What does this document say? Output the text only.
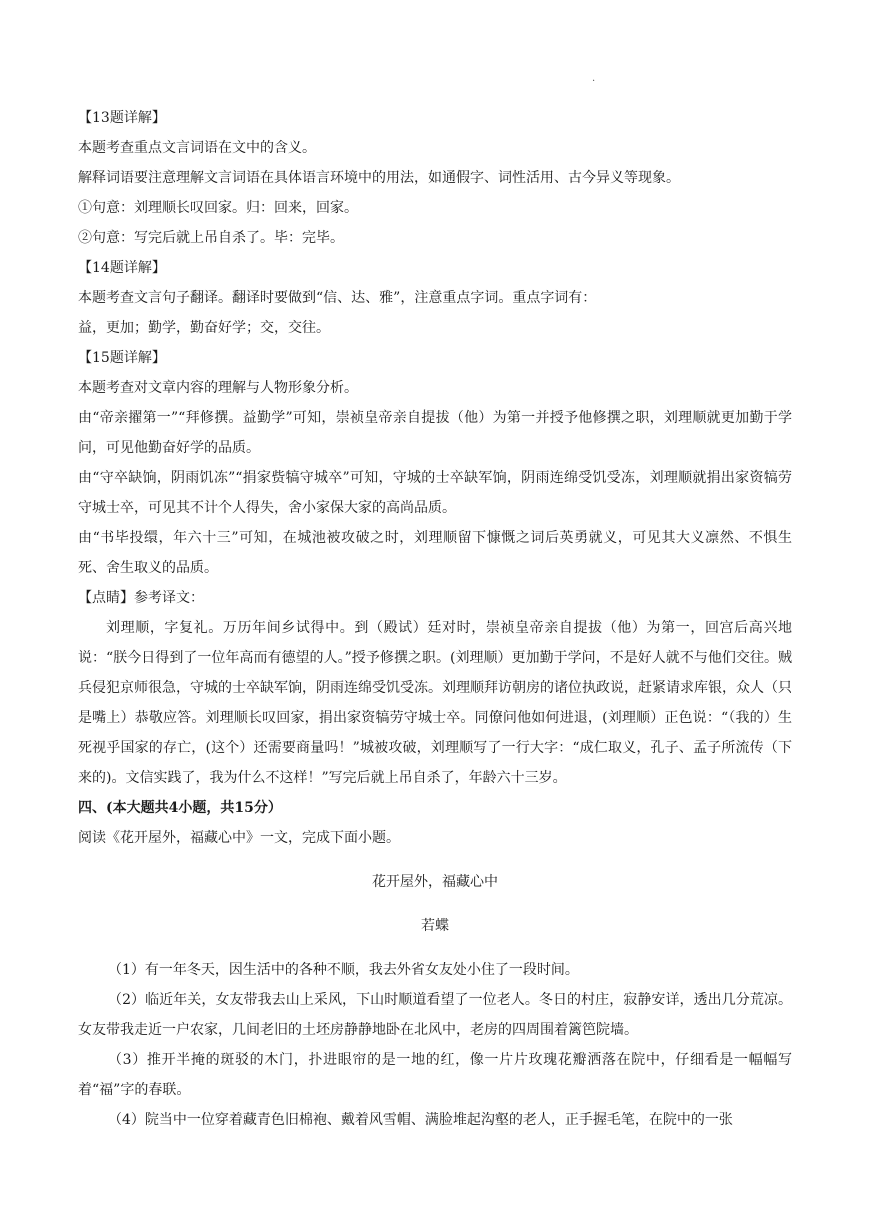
.

【13题详解】

本题考查重点文言词语在文中的含义。

解释词语要注意理解文言词语在具体语言环境中的用法，如通假字、词性活用、古今异义等现象。

①句意：刘理顺长叹回家。归：回来，回家。

②句意：写完后就上吊自杀了。毕：完毕。

【14题详解】

本题考查文言句子翻译。翻译时要做到“信、达、雅”，注意重点字词。重点字词有：

益，更加；勤学，勤奋好学；交，交往。

【15题详解】

本题考查对文章内容的理解与人物形象分析。

由“帝亲擢第一”“拜修撰。益勤学”可知，崇祯皇帝亲自提拔（他）为第一并授予他修撰之职，刘理顺就更加勤于学问，可见他勤奋好学的品质。

由“守卒缺饷，阴雨饥冻”“捐家赀犒守城卒”可知，守城的士卒缺军饷，阴雨连绵受饥受冻，刘理顺就捐出家资犒劳守城士卒，可见其不计个人得失，舍小家保大家的高尚品质。

由“书毕投缳，年六十三”可知，在城池被攻破之时，刘理顺留下慷慨之词后英勇就义，可见其大义凛然、不惧生死、舍生取义的品质。

【点睛】参考译文：

刘理顺，字复礼。万历年间乡试得中。到（殿试）廷对时，崇祯皇帝亲自提拔（他）为第一，回宫后高兴地说：“朕今日得到了一位年高而有德望的人。”授予修撰之职。(刘理顺）更加勤于学问，不是好人就不与他们交往。贼兵侵犯京师很急，守城的士卒缺军饷，阴雨连绵受饥受冻。刘理顺拜访朝房的诸位执政说，赶紧请求库银，众人（只是嘴上）恭敬应答。刘理顺长叹回家，捐出家资犒劳守城士卒。同僚问他如何进退，(刘理顺）正色说：“（我的）生死视乎国家的存亡，(这个）还需要商量吗！”城被攻破，刘理顺写了一行大字：“成仁取义，孔子、孟子所流传（下来的)。文信实践了，我为什么不这样！”写完后就上吊自杀了，年龄六十三岁。

四、(本大题共4小题，共15分）

阅读《花开屋外，福藏心中》一文，完成下面小题。

花开屋外，福藏心中

若蝶

（1）有一年冬天，因生活中的各种不顺，我去外省女友处小住了一段时间。

（2）临近年关，女友带我去山上采风，下山时顺道看望了一位老人。冬日的村庄，寂静安详，透出几分荒凉。女友带我走近一户农家，几间老旧的土坯房静静地卧在北风中，老房的四周围着篱笆院墙。

（3）推开半掩的斑驳的木门，扑进眼帘的是一地的红，像一片片玫瑰花瓣洒落在院中，仔细看是一幅幅写着“福”字的春联。

（4）院当中一位穿着藏青色旧棉袍、戴着风雪帽、满脸堆起沟壑的老人，正手握毛笔，在院中的一张
